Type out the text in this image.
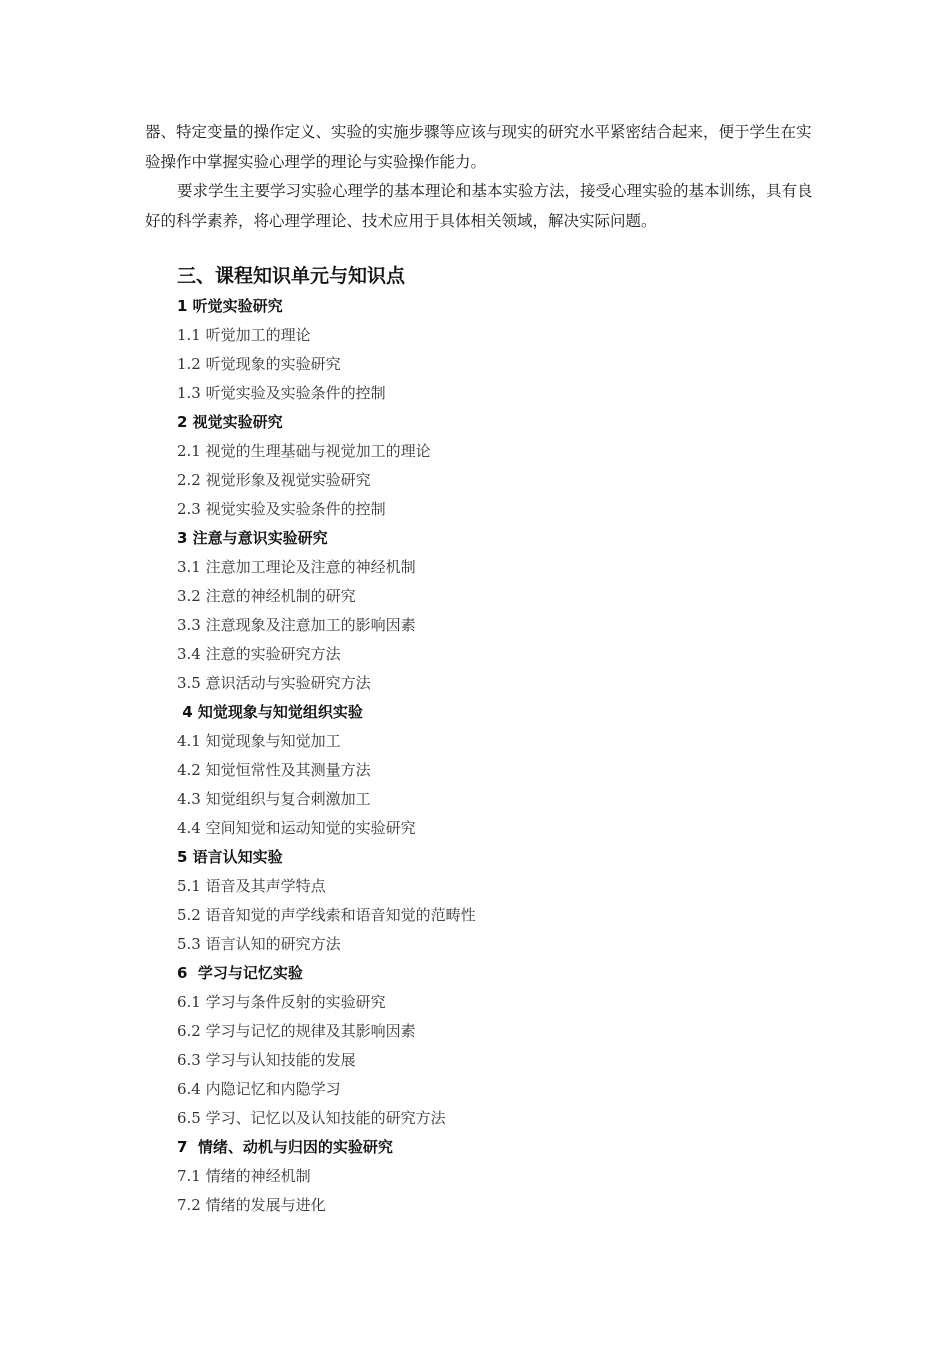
器、特定变量的操作定义、实验的实施步骤等应该与现实的研究水平紧密结合起来，便于学生在实验操作中掌握实验心理学的理论与实验操作能力。

要求学生主要学习实验心理学的基本理论和基本实验方法，接受心理实验的基本训练，具有良好的科学素养，将心理学理论、技术应用于具体相关领域，解决实际问题。

三、课程知识单元与知识点
1 听觉实验研究
1.1 听觉加工的理论
1.2 听觉现象的实验研究
1.3 听觉实验及实验条件的控制
2 视觉实验研究
2.1 视觉的生理基础与视觉加工的理论
2.2 视觉形象及视觉实验研究
2.3 视觉实验及实验条件的控制
3 注意与意识实验研究
3.1 注意加工理论及注意的神经机制
3.2 注意的神经机制的研究
3.3 注意现象及注意加工的影响因素
3.4 注意的实验研究方法
3.5 意识活动与实验研究方法
4 知觉现象与知觉组织实验
4.1 知觉现象与知觉加工
4.2 知觉恒常性及其测量方法
4.3 知觉组织与复合刺激加工
4.4 空间知觉和运动知觉的实验研究
5 语言认知实验
5.1 语音及其声学特点
5.2 语音知觉的声学线索和语音知觉的范畴性
5.3 语言认知的研究方法
6  学习与记忆实验
6.1 学习与条件反射的实验研究
6.2 学习与记忆的规律及其影响因素
6.3 学习与认知技能的发展
6.4 内隐记忆和内隐学习
6.5 学习、记忆以及认知技能的研究方法
7  情绪、动机与归因的实验研究
7.1 情绪的神经机制
7.2 情绪的发展与进化
